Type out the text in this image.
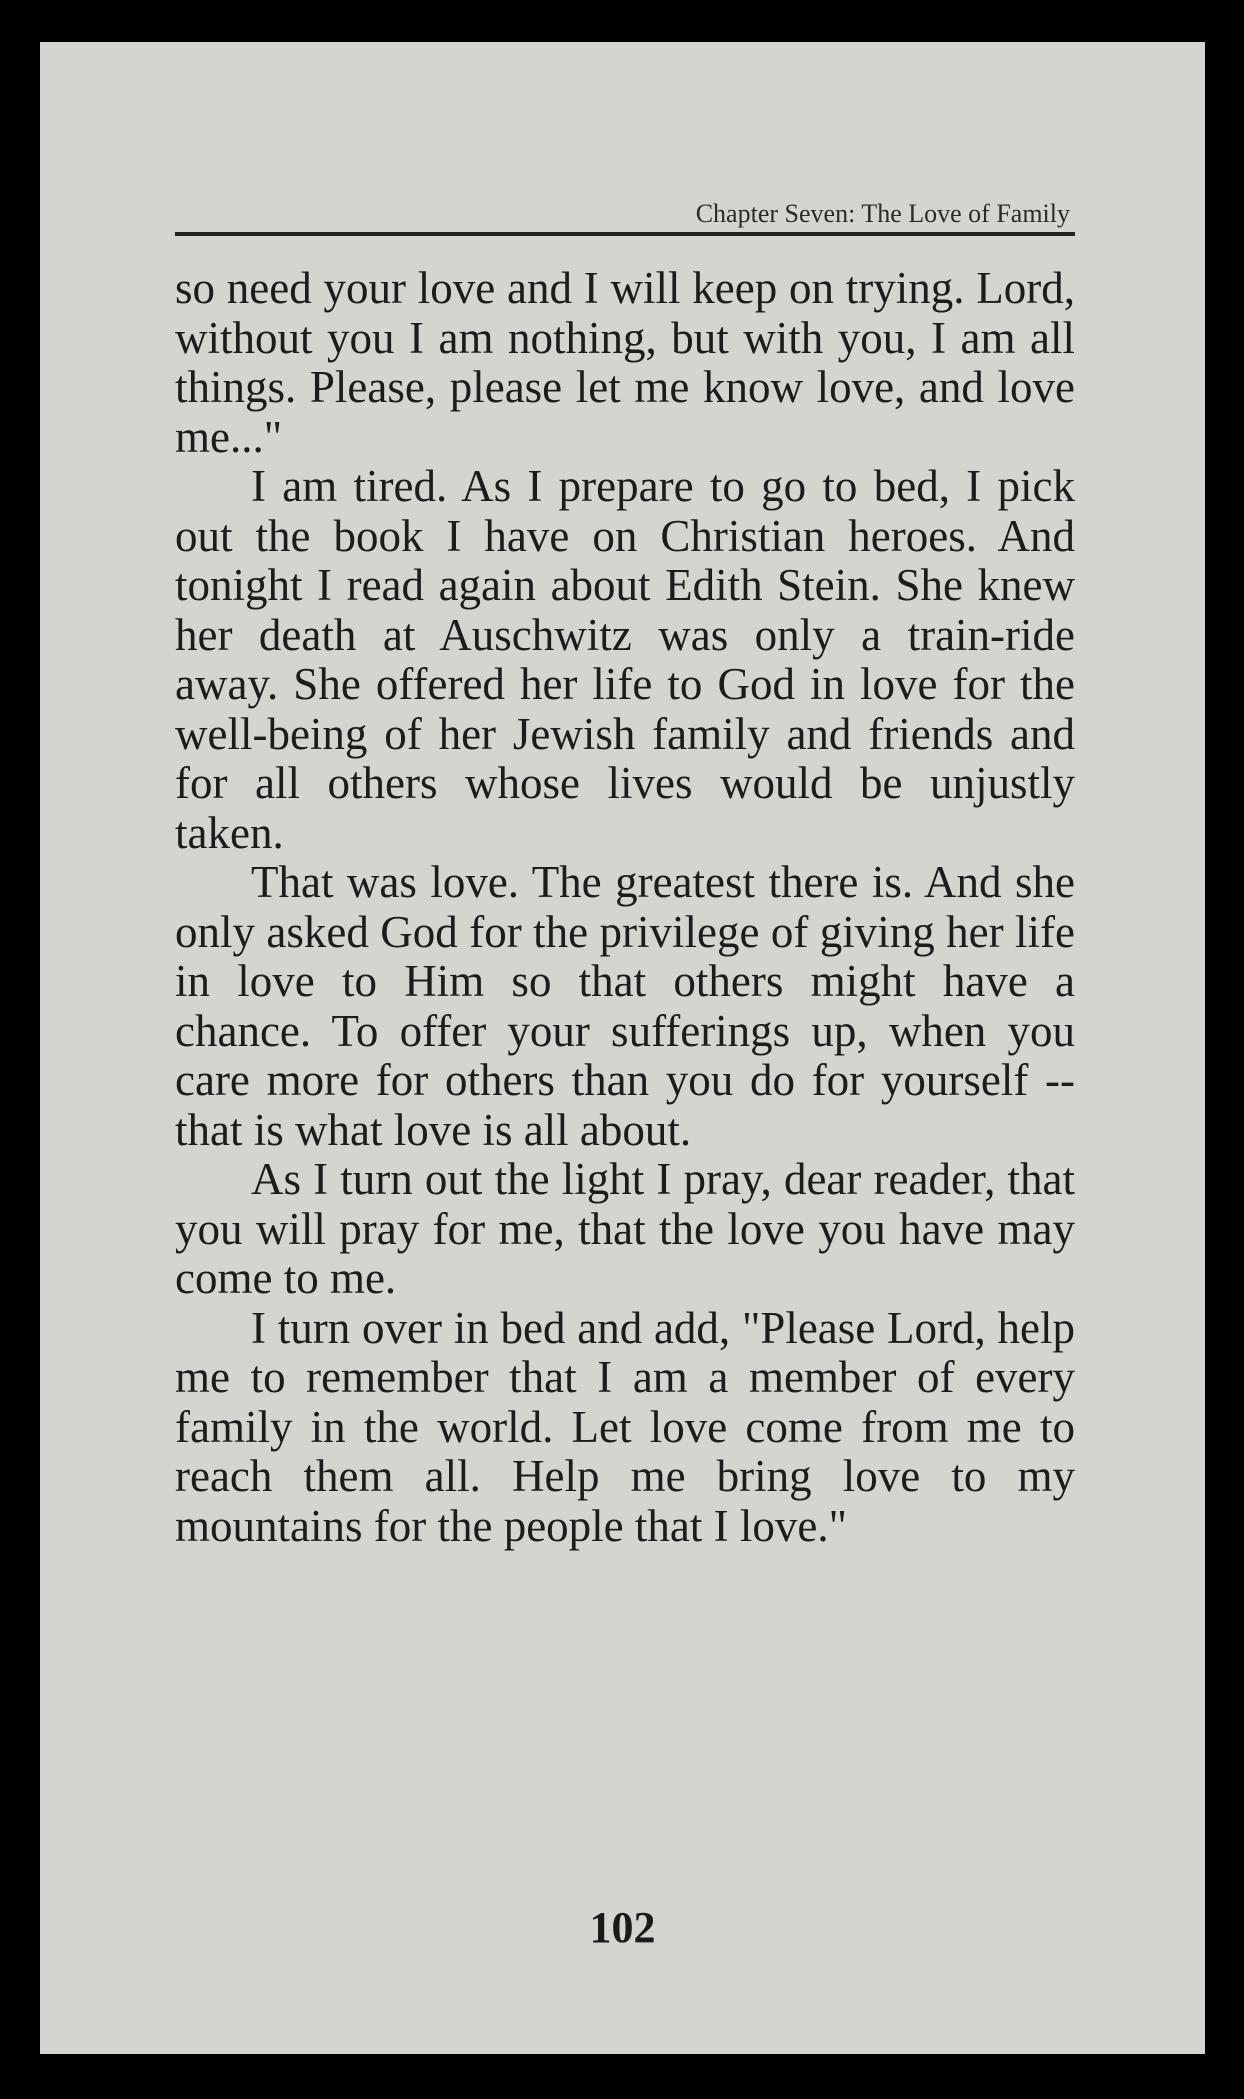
Chapter Seven: The Love of Family

so need your love and I will keep on trying. Lord, without you I am nothing, but with you, I am all things. Please, please let me know love, and love me..."

I am tired. As I prepare to go to bed, I pick out the book I have on Christian heroes. And tonight I read again about Edith Stein. She knew her death at Auschwitz was only a train-ride away. She offered her life to God in love for the well-being of her Jewish family and friends and for all others whose lives would be unjustly taken.

That was love. The greatest there is. And she only asked God for the privilege of giving her life in love to Him so that others might have a chance. To offer your sufferings up, when you care more for others than you do for yourself -- that is what love is all about.

As I turn out the light I pray, dear reader, that you will pray for me, that the love you have may come to me.

I turn over in bed and add, "Please Lord, help me to remember that I am a member of every family in the world. Let love come from me to reach them all. Help me bring love to my mountains for the people that I love."

102
